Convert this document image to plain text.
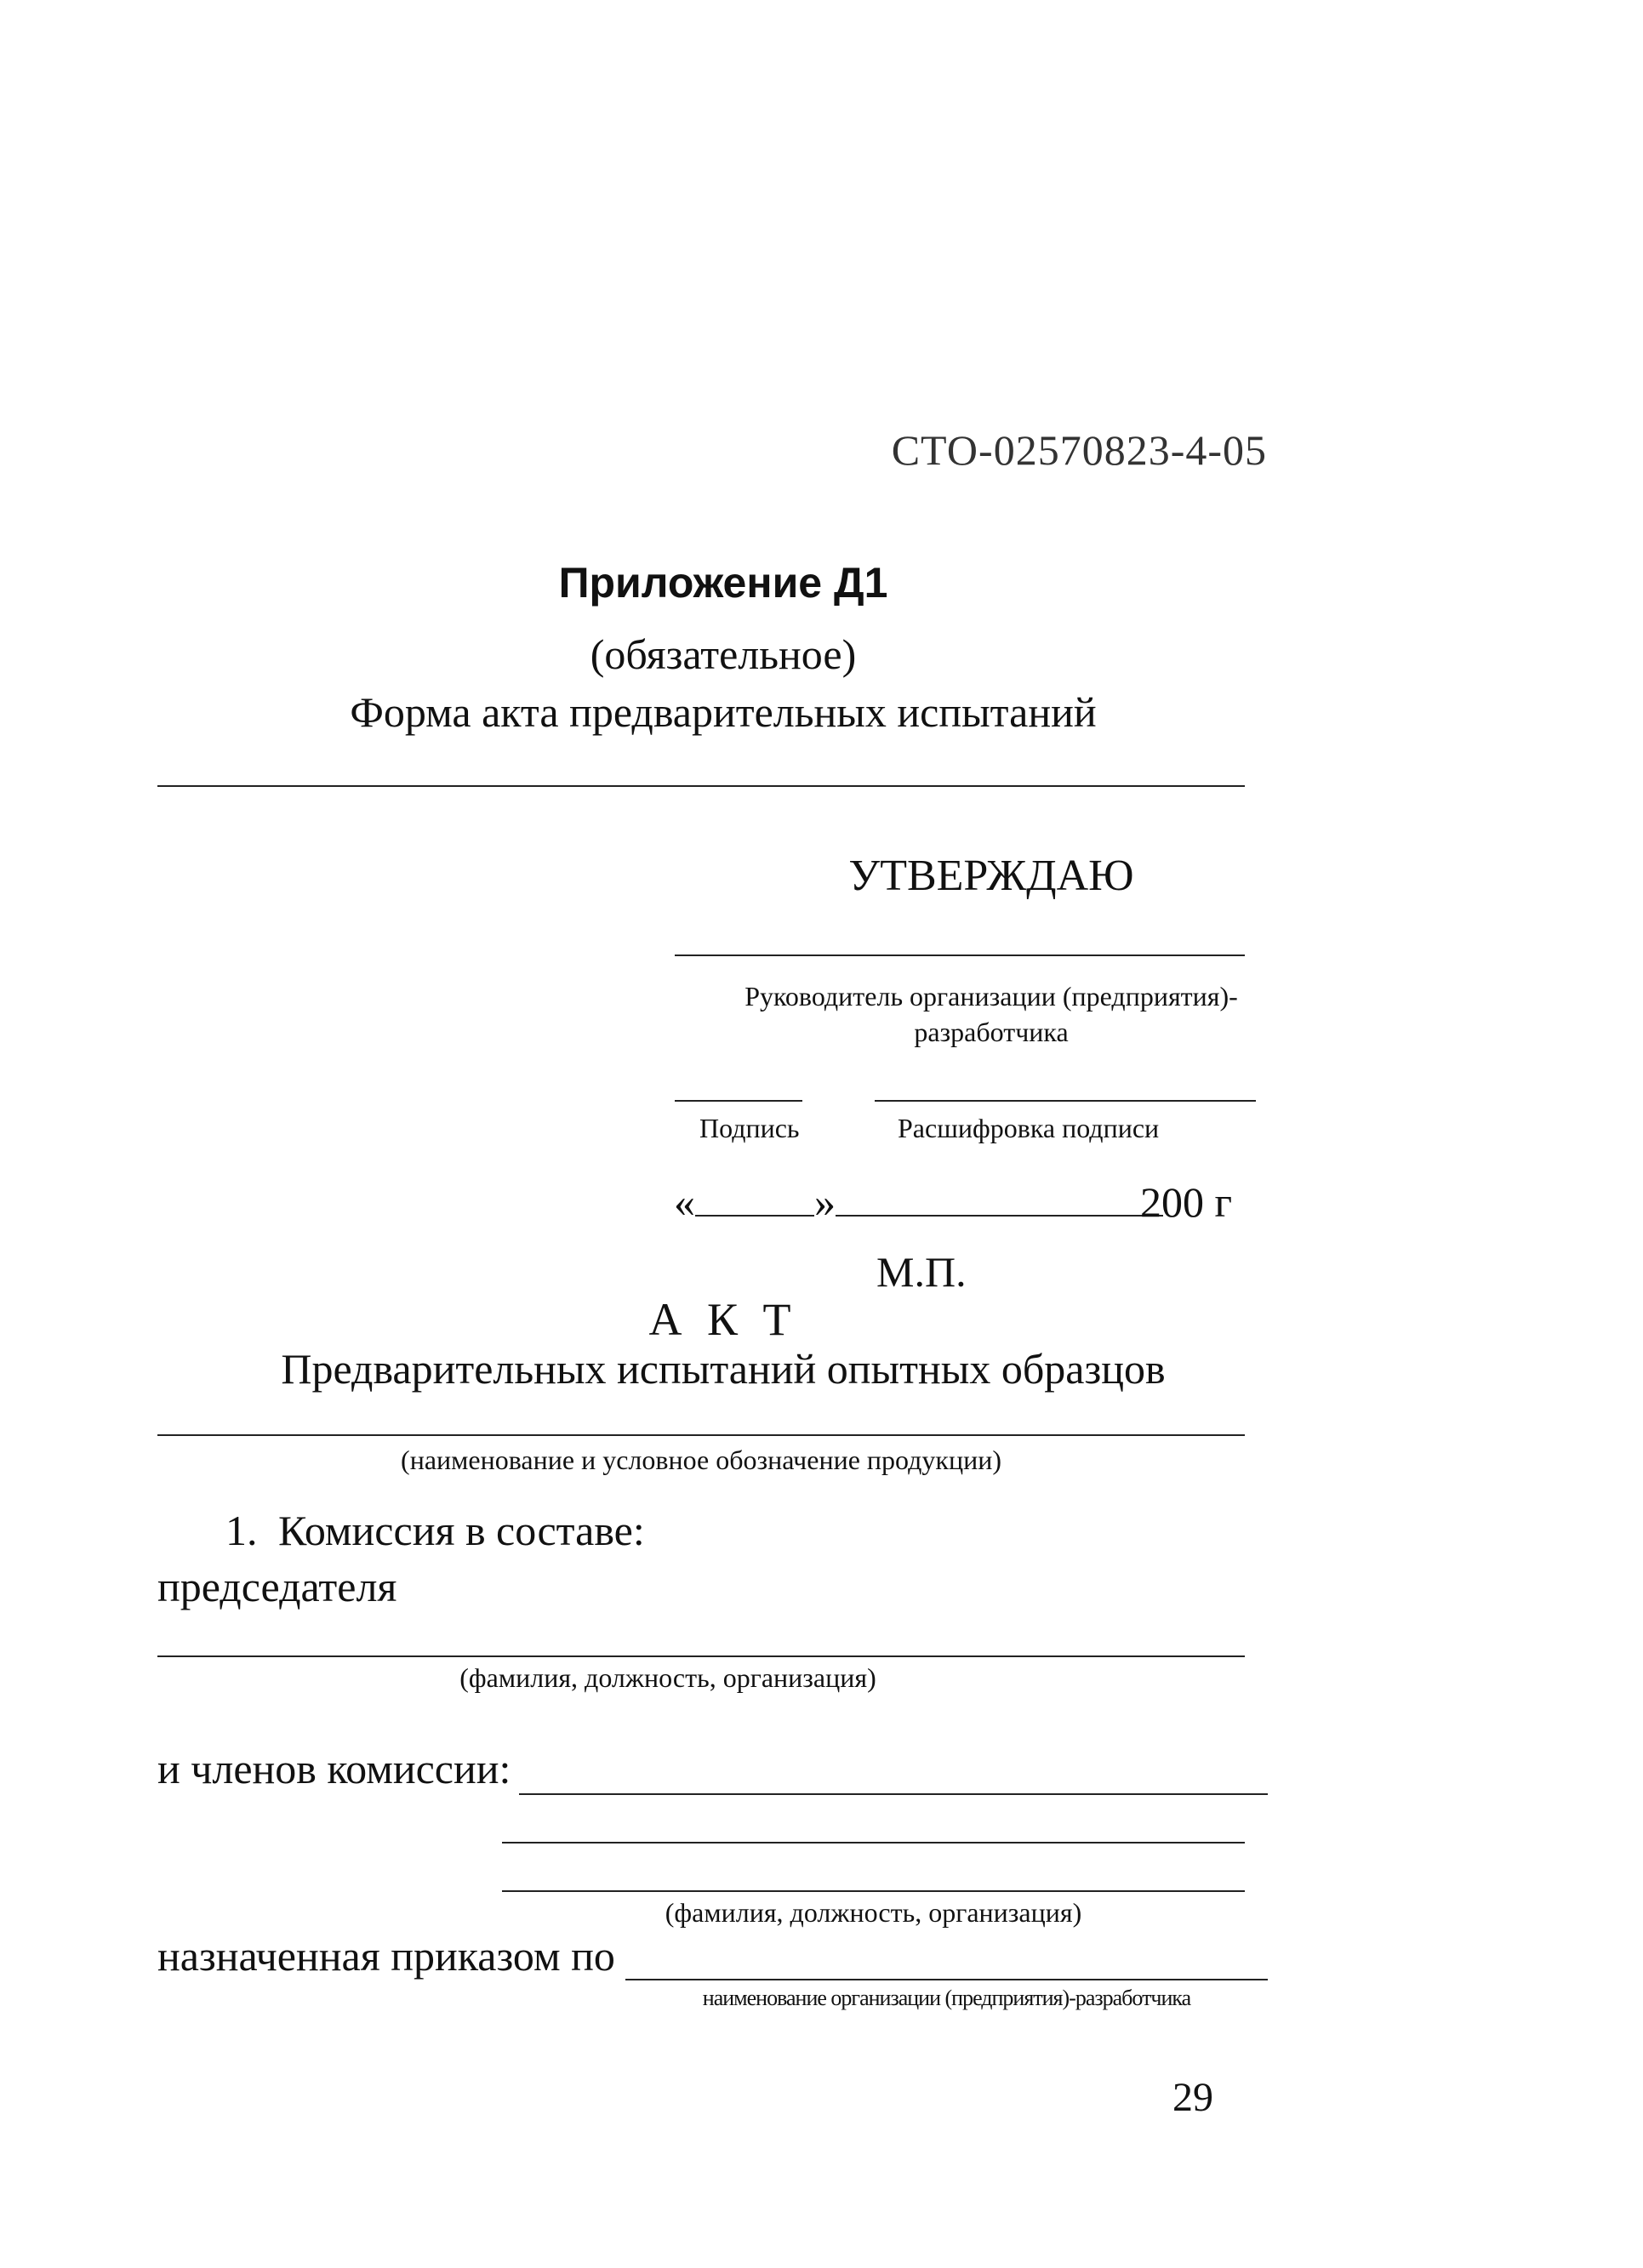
СТО-02570823-4-05
Приложение Д1
(обязательное)
Форма акта предварительных испытаний
УТВЕРЖДАЮ
Руководитель организации (предприятия)-разработчика
Подпись	Расшифровка подписи
«	»	200 г
М.П.
А К Т
Предварительных испытаний опытных образцов
(наименование и условное обозначение продукции)
1. Комиссия в составе:
председателя
(фамилия, должность, организация)
и членов комиссии:
(фамилия, должность, организация)
назначенная приказом по
наименование организации (предприятия)-разработчика
29
